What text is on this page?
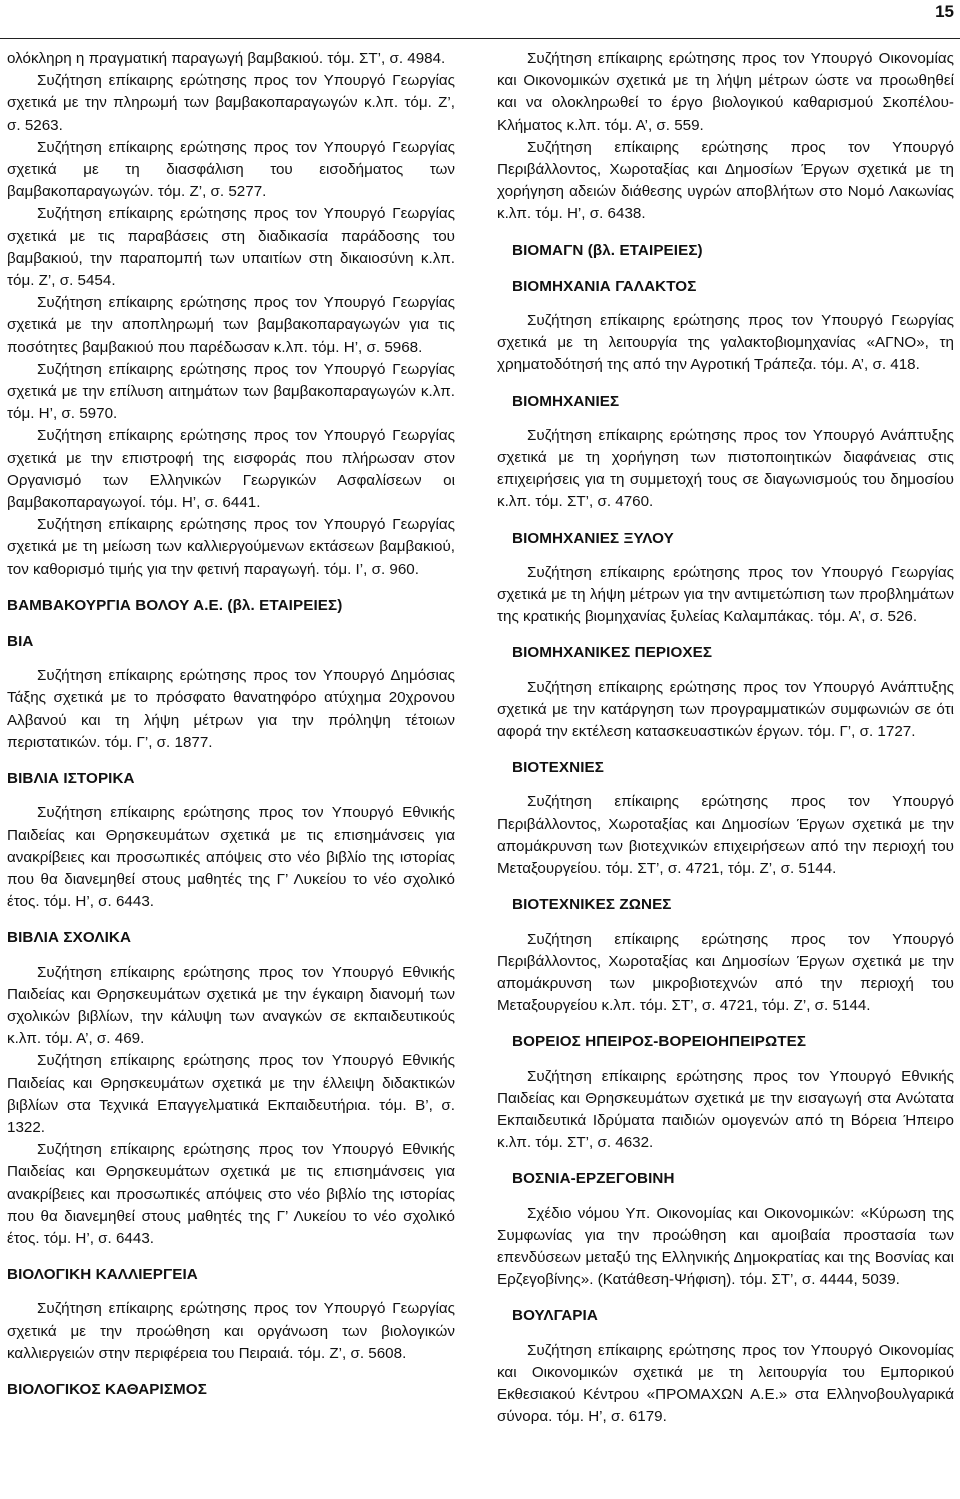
15

ολόκληρη η πραγματική παραγωγή βαμβακιού. τόμ. ΣΤ’, σ. 4984.

Συζήτηση επίκαιρης ερώτησης προς τον Υπουργό Γεωργίας σχετικά με την πληρωμή των βαμβακοπαραγωγών κ.λπ. τόμ. Ζ’, σ. 5263.

Συζήτηση επίκαιρης ερώτησης προς τον Υπουργό Γεωργίας σχετικά με τη διασφάλιση του εισοδήματος των βαμβακοπαραγωγών. τόμ. Ζ’, σ. 5277.

Συζήτηση επίκαιρης ερώτησης προς τον Υπουργό Γεωργίας σχετικά με τις παραβάσεις στη διαδικασία παράδοσης του βαμβακιού, την παραπομπή των υπαιτίων στη δικαιοσύνη κ.λπ. τόμ. Ζ’, σ. 5454.

Συζήτηση επίκαιρης ερώτησης προς τον Υπουργό Γεωργίας σχετικά με την αποπληρωμή των βαμβακοπαραγωγών για τις ποσότητες βαμβακιού που παρέδωσαν κ.λπ. τόμ. Η’, σ. 5968.

Συζήτηση επίκαιρης ερώτησης προς τον Υπουργό Γεωργίας σχετικά με την επίλυση αιτημάτων των βαμβακοπαραγωγών κ.λπ. τόμ. Η’, σ. 5970.

Συζήτηση επίκαιρης ερώτησης προς τον Υπουργό Γεωργίας σχετικά με την επιστροφή της εισφοράς που πλήρωσαν στον Οργανισμό των Ελληνικών Γεωργικών Ασφαλίσεων οι βαμβακοπαραγωγοί. τόμ. Η’, σ. 6441.

Συζήτηση επίκαιρης ερώτησης προς τον Υπουργό Γεωργίας σχετικά με τη μείωση των καλλιεργούμενων εκτάσεων βαμβακιού, τον καθορισμό τιμής για την φετινή παραγωγή. τόμ. Ι’, σ. 960.

ΒΑΜΒΑΚΟΥΡΓΙΑ ΒΟΛΟΥ Α.Ε. (βλ. ΕΤΑΙΡΕΙΕΣ)
ΒΙΑ

Συζήτηση επίκαιρης ερώτησης προς τον Υπουργό Δημόσιας Τάξης σχετικά με το πρόσφατο θανατηφόρο ατύχημα 20χρονου Αλβανού και τη λήψη μέτρων για την πρόληψη τέτοιων περιστατικών. τόμ. Γ’, σ. 1877.

ΒΙΒΛΙΑ ΙΣΤΟΡΙΚΑ

Συζήτηση επίκαιρης ερώτησης προς τον Υπουργό Εθνικής Παιδείας και Θρησκευμάτων σχετικά με τις επισημάνσεις για ανακρίβειες και προσωπικές απόψεις στο νέο βιβλίο της ιστορίας που θα διανεμηθεί στους μαθητές της Γ’ Λυκείου το νέο σχολικό έτος. τόμ. Η’, σ. 6443.

ΒΙΒΛΙΑ ΣΧΟΛΙΚΑ

Συζήτηση επίκαιρης ερώτησης προς τον Υπουργό Εθνικής Παιδείας και Θρησκευμάτων σχετικά με την έγκαιρη διανομή των σχολικών βιβλίων, την κάλυψη των αναγκών σε εκπαιδευτικούς κ.λπ. τόμ. Α’, σ. 469.

Συζήτηση επίκαιρης ερώτησης προς τον Υπουργό Εθνικής Παιδείας και Θρησκευμάτων σχετικά με την έλλειψη διδακτικών βιβλίων στα Τεχνικά Επαγγελματικά Εκπαιδευτήρια. τόμ. Β’, σ. 1322.

Συζήτηση επίκαιρης ερώτησης προς τον Υπουργό Εθνικής Παιδείας και Θρησκευμάτων σχετικά με τις επισημάνσεις για ανακρίβειες και προσωπικές απόψεις στο νέο βιβλίο της ιστορίας που θα διανεμηθεί στους μαθητές της Γ’ Λυκείου το νέο σχολικό έτος. τόμ. Η’, σ. 6443.

ΒΙΟΛΟΓΙΚΗ ΚΑΛΛΙΕΡΓΕΙΑ

Συζήτηση επίκαιρης ερώτησης προς τον Υπουργό Γεωργίας σχετικά με την προώθηση και οργάνωση των βιολογικών καλλιεργειών στην περιφέρεια του Πειραιά. τόμ. Ζ’, σ. 5608.

ΒΙΟΛΟΓΙΚΟΣ ΚΑΘΑΡΙΣΜΟΣ

Συζήτηση επίκαιρης ερώτησης προς τον Υπουργό Οικονομίας και Οικονομικών σχετικά με τη λήψη μέτρων ώστε να προωθηθεί και να ολοκληρωθεί το έργο βιολογικού καθαρισμού Σκοπέλου-Κλήματος κ.λπ. τόμ. Α’, σ. 559.

Συζήτηση επίκαιρης ερώτησης προς τον Υπουργό Περιβάλλοντος, Χωροταξίας και Δημοσίων Έργων σχετικά με τη χορήγηση αδειών διάθεσης υγρών αποβλήτων στο Νομό Λακωνίας κ.λπ. τόμ. Η’, σ. 6438.

ΒΙΟΜΑΓΝ (βλ. ΕΤΑΙΡΕΙΕΣ)
ΒΙΟΜΗΧΑΝΙΑ ΓΑΛΑΚΤΟΣ

Συζήτηση επίκαιρης ερώτησης προς τον Υπουργό Γεωργίας σχετικά με τη λειτουργία της γαλακτοβιομηχανίας «ΑΓΝΟ», τη χρηματοδότησή της από την Αγροτική Τράπεζα. τόμ. Α’, σ. 418.

ΒΙΟΜΗΧΑΝΙΕΣ

Συζήτηση επίκαιρης ερώτησης προς τον Υπουργό Ανάπτυξης σχετικά με τη χορήγηση των πιστοποιητικών διαφάνειας στις επιχειρήσεις για τη συμμετοχή τους σε διαγωνισμούς του δημοσίου κ.λπ. τόμ. ΣΤ’, σ. 4760.

ΒΙΟΜΗΧΑΝΙΕΣ ΞΥΛΟΥ

Συζήτηση επίκαιρης ερώτησης προς τον Υπουργό Γεωργίας σχετικά με τη λήψη μέτρων για την αντιμετώπιση των προβλημάτων της κρατικής βιομηχανίας ξυλείας Καλαμπάκας. τόμ. Α’, σ. 526.

ΒΙΟΜΗΧΑΝΙΚΕΣ ΠΕΡΙΟΧΕΣ

Συζήτηση επίκαιρης ερώτησης προς τον Υπουργό Ανάπτυξης σχετικά με την κατάργηση των προγραμματικών συμφωνιών σε ότι αφορά την εκτέλεση κατασκευαστικών έργων. τόμ. Γ’, σ. 1727.

ΒΙΟΤΕΧΝΙΕΣ

Συζήτηση επίκαιρης ερώτησης προς τον Υπουργό Περιβάλλοντος, Χωροταξίας και Δημοσίων Έργων σχετικά με την απομάκρυνση των βιοτεχνικών επιχειρήσεων από την περιοχή του Μεταξουργείου. τόμ. ΣΤ’, σ. 4721, τόμ. Ζ’, σ. 5144.

ΒΙΟΤΕΧΝΙΚΕΣ ΖΩΝΕΣ

Συζήτηση επίκαιρης ερώτησης προς τον Υπουργό Περιβάλλοντος, Χωροταξίας και Δημοσίων Έργων σχετικά με την απομάκρυνση των μικροβιοτεχνών από την περιοχή του Μεταξουργείου κ.λπ. τόμ. ΣΤ’, σ. 4721, τόμ. Ζ’, σ. 5144.

ΒΟΡΕΙΟΣ ΗΠΕΙΡΟΣ-ΒΟΡΕΙΟΗΠΕΙΡΩΤΕΣ

Συζήτηση επίκαιρης ερώτησης προς τον Υπουργό Εθνικής Παιδείας και Θρησκευμάτων σχετικά με την εισαγωγή στα Ανώτατα Εκπαιδευτικά Ιδρύματα παιδιών ομογενών από τη Βόρεια Ήπειρο κ.λπ. τόμ. ΣΤ’, σ. 4632.

ΒΟΣΝΙΑ-ΕΡΖΕΓΟΒΙΝΗ

Σχέδιο νόμου Υπ. Οικονομίας και Οικονομικών: «Κύρωση της Συμφωνίας για την προώθηση και αμοιβαία προστασία των επενδύσεων μεταξύ της Ελληνικής Δημοκρατίας και της Βοσνίας και Ερζεγοβίνης». (Κατάθεση-Ψήφιση). τόμ. ΣΤ’, σ. 4444, 5039.

ΒΟΥΛΓΑΡΙΑ

Συζήτηση επίκαιρης ερώτησης προς τον Υπουργό Οικονομίας και Οικονομικών σχετικά με τη λειτουργία του Εμπορικού Εκθεσιακού Κέντρου «ΠΡΟΜΑΧΩΝ Α.Ε.» στα Ελληνοβουλγαρικά σύνορα. τόμ. Η’, σ. 6179.
